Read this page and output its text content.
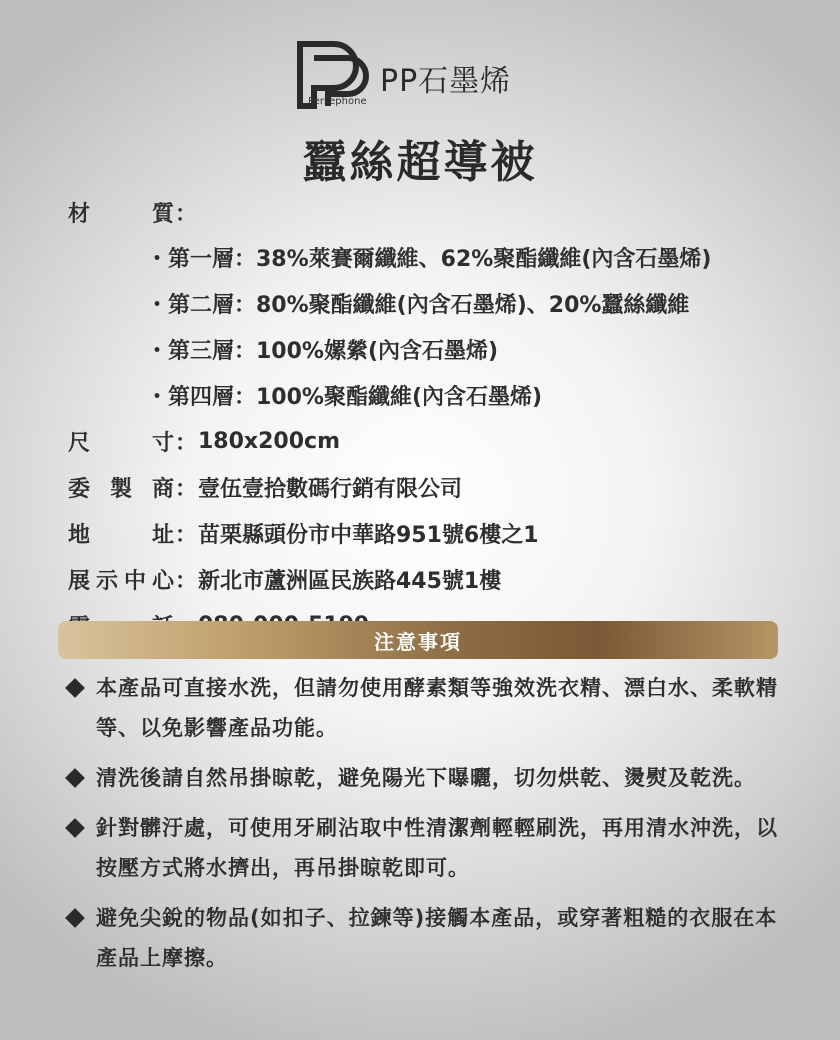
PP石墨烯
Persephone
蠶絲超導被
材	質 ：
・第一層：38%萊賽爾纖維、62%聚酯纖維(內含石墨烯)
・第二層：80%聚酯纖維(內含石墨烯)、20%蠶絲纖維
・第三層：100%嫘縈(內含石墨烯)
・第四層：100%聚酯纖維(內含石墨烯)
尺	寸 ： 180x200cm
委 製 商 ： 壹伍壹拾數碼行銷有限公司
地	址 ： 苗栗縣頭份市中華路951號6樓之1
展 示 中 心 ： 新北市蘆洲區民族路445號1樓
注意事項
本產品可直接水洗，但請勿使用酵素類等強效洗衣精、漂白水、柔軟精等、以免影響產品功能。
清洗後請自然吊掛晾乾，避免陽光下曝曬，切勿烘乾、燙熨及乾洗。
針對髒汙處，可使用牙刷沾取中性清潔劑輕輕刷洗，再用清水沖洗，以按壓方式將水擠出，再吊掛晾乾即可。
避免尖銳的物品(如扣子、拉鍊等)接觸本產品，或穿著粗糙的衣服在本產品上摩擦。
